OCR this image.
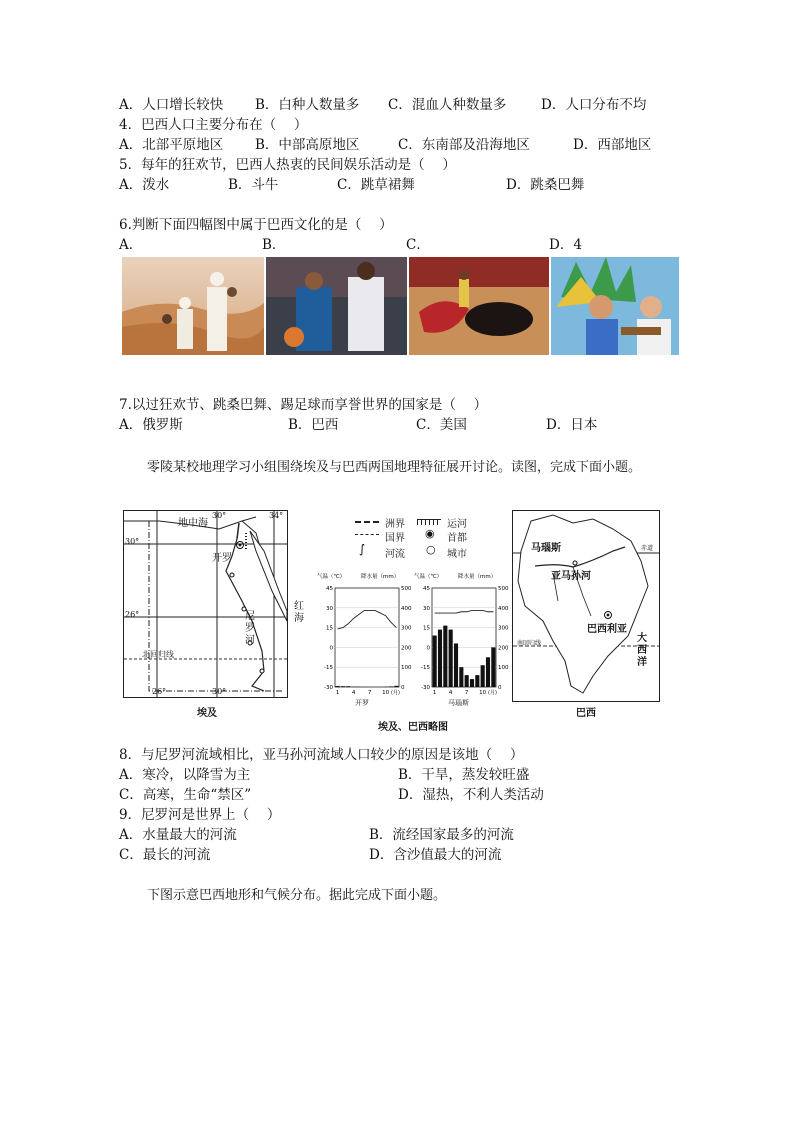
A．人口增长较快 B．白种人数量多 C．混血人种数量多	D．人口分布不均
4．巴西人口主要分布在（　 ）
A．北部平原地区 B．中部高原地区	C．东南部及沿海地区	D．西部地区
5．每年的狂欢节，巴西人热衷的民间娱乐活动是（　 ）
A．泼水	B．斗牛	C．跳草裙舞	D．跳桑巴舞
6.判断下面四幅图中属于巴西文化的是（　 ）
A．	B．	C．	D．4
7.以过狂欢节、跳桑巴舞、踢足球而享誉世界的国家是（　 ）
A．俄罗斯	B．巴西	C．美国	D．日本
零陵某校地理学习小组围绕埃及与巴西两国地理特征展开讨论。读图，完成下面小题。
地中海
开罗
尼罗河
红海
北回归线
30°
26°
26°	30°
30°	34°
埃及
洲界	运河
国界 ◉ 首都
∫ 河流 ○ 城市
气温（℃）	降水量（mm）
45	500
30	400
15	300
0	200
-15	100
-30	0
1 4 7 10 (月)
开罗
气温（℃）	降水量（mm）
45	500
30	400
15	300
0	200
-15	100
-30	0
1 4 7 10 (月)
马瑙斯
埃及、巴西略图
马瑙斯
亚马孙河
巴西利亚
大西洋
赤道
南回归线
巴西
8．与尼罗河流域相比，亚马孙河流域人口较少的原因是该地（　 ）
A．寒冷，以降雪为主	B．干旱，蒸发较旺盛
C．高寒，生命“禁区”	D．湿热，不利人类活动
9．尼罗河是世界上（　 ）
A．水量最大的河流	B．流经国家最多的河流
C．最长的河流	D．含沙值最大的河流
下图示意巴西地形和气候分布。据此完成下面小题。
